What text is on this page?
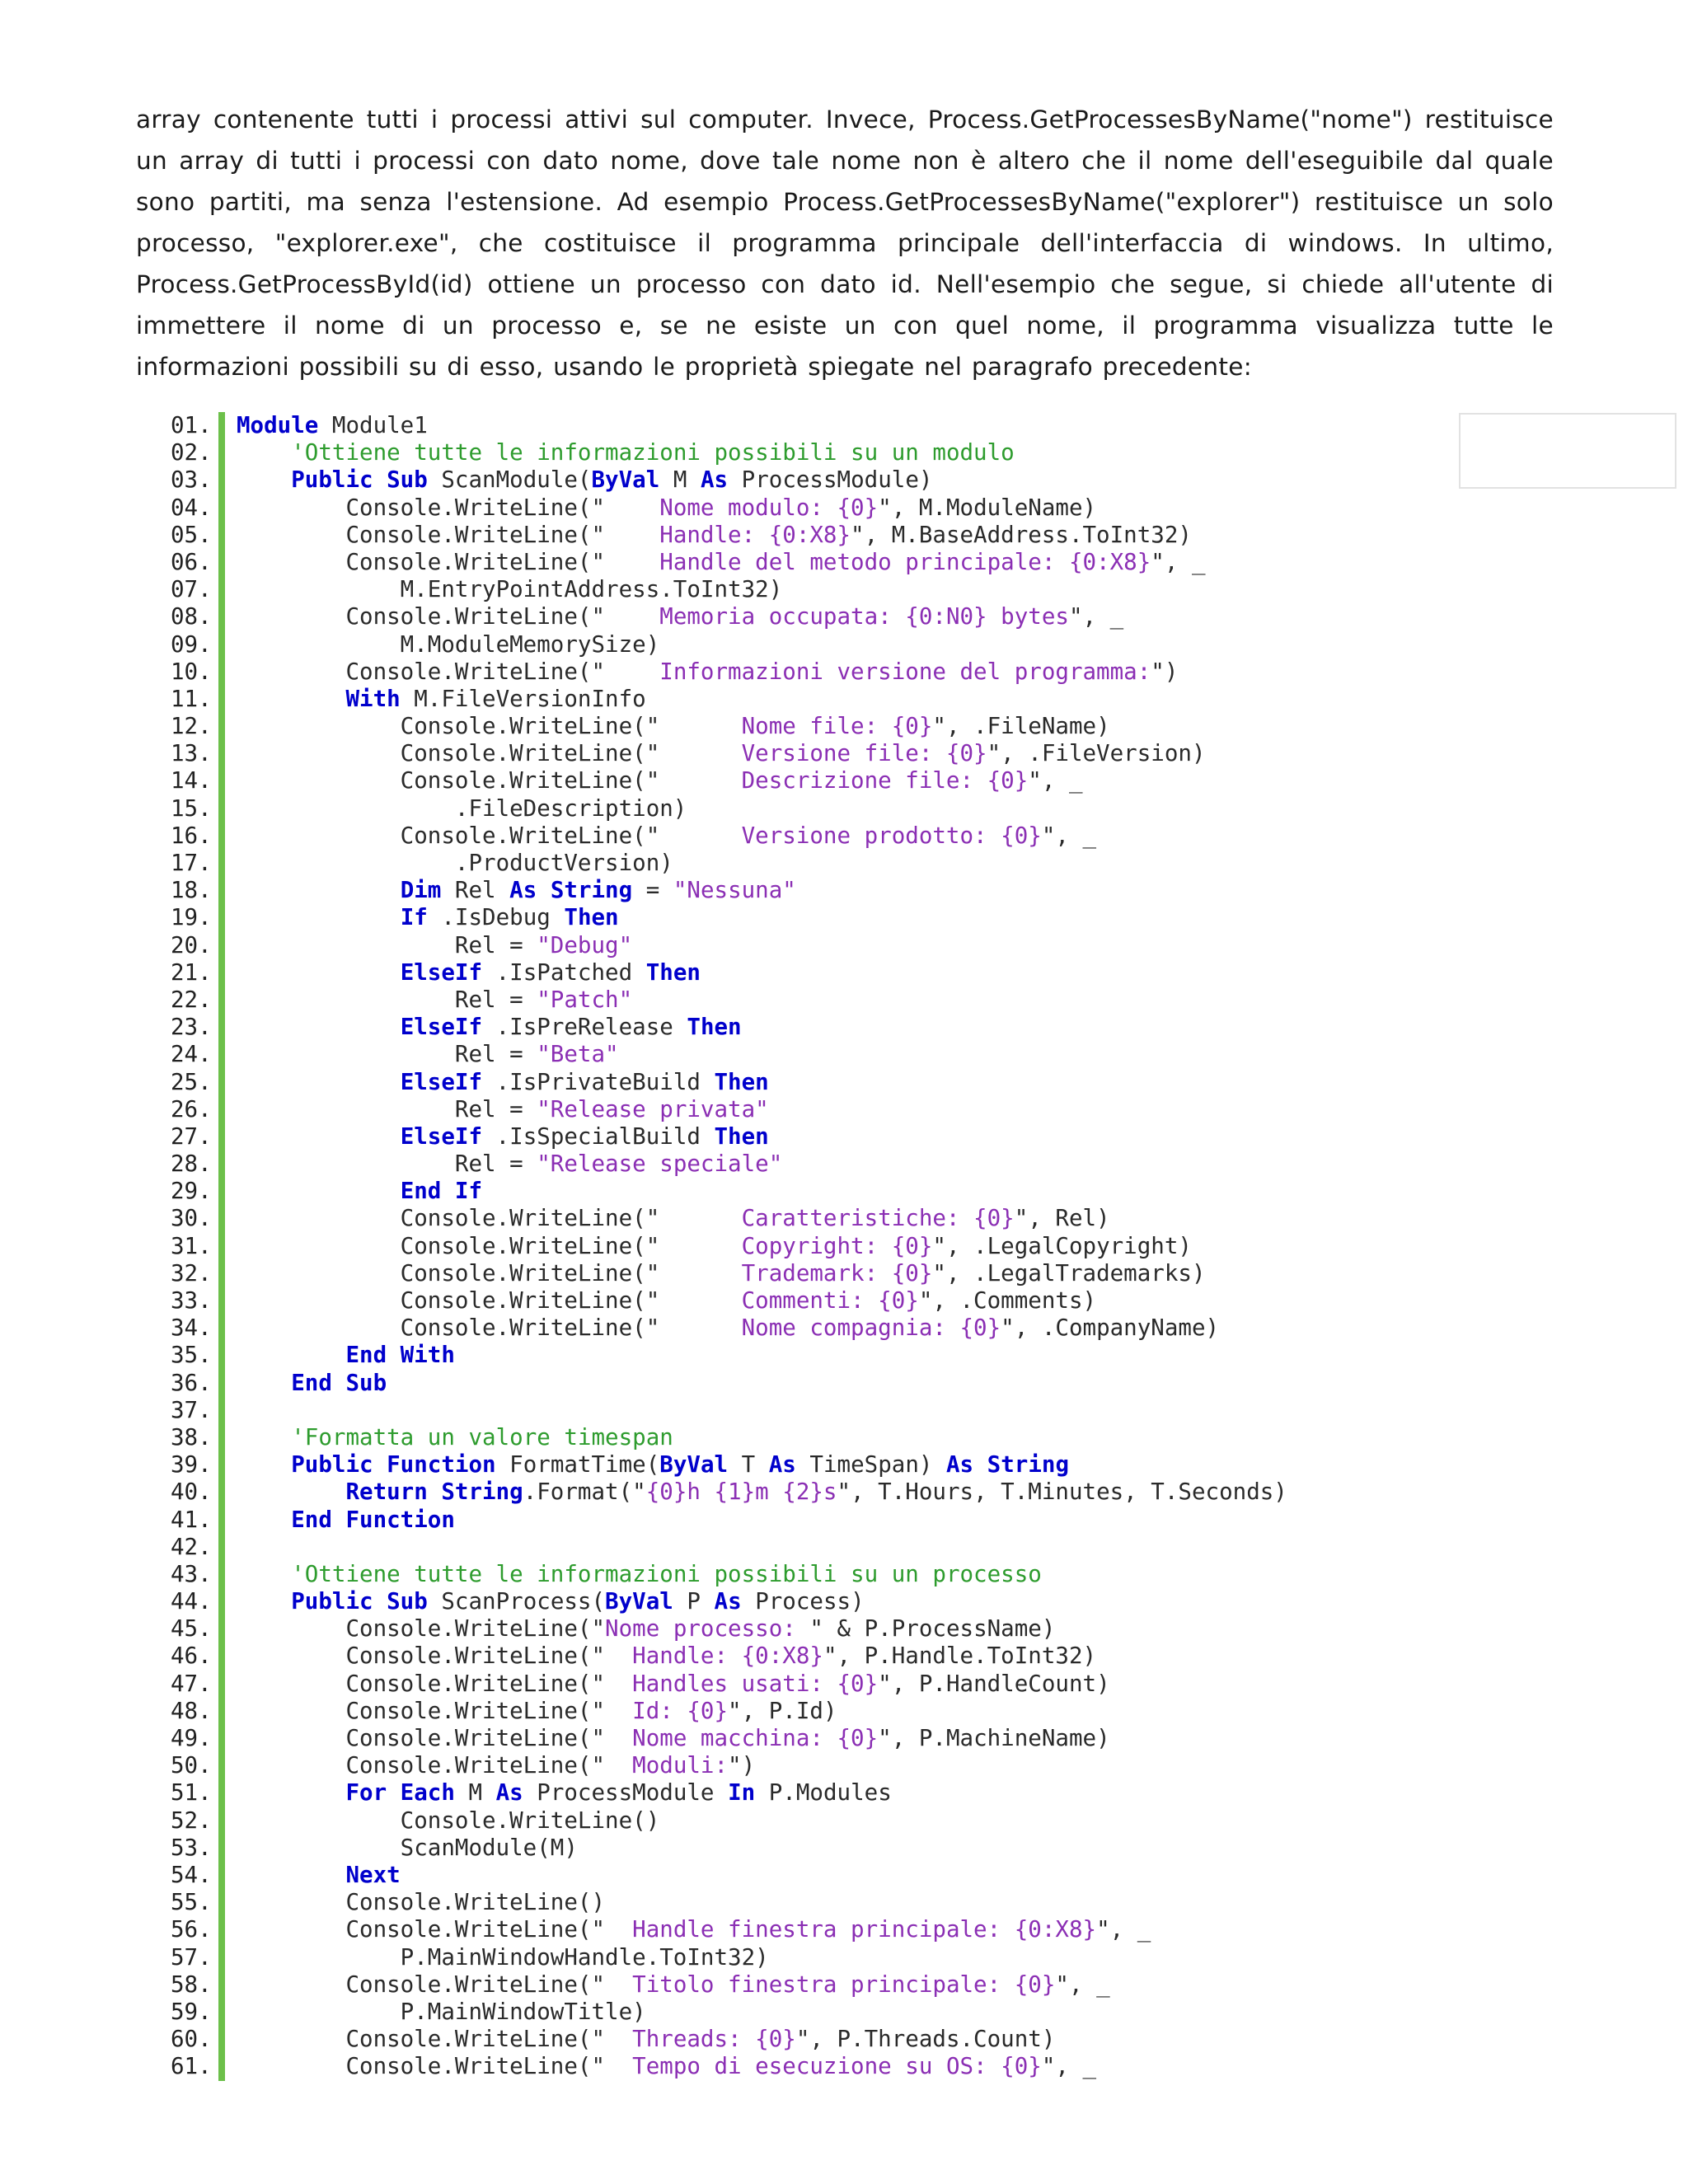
array contenente tutti i processi attivi sul computer. Invece, Process.GetProcessesByName("nome") restituisce un array di tutti i processi con dato nome, dove tale nome non è altero che il nome dell'eseguibile dal quale sono partiti, ma senza l'estensione. Ad esempio Process.GetProcessesByName("explorer") restituisce un solo processo, "explorer.exe", che costituisce il programma principale dell'interfaccia di windows. In ultimo, Process.GetProcessById(id) ottiene un processo con dato id. Nell'esempio che segue, si chiede all'utente di immettere il nome di un processo e, se ne esiste un con quel nome, il programma visualizza tutte le informazioni possibili su di esso, usando le proprietà spiegate nel paragrafo precedente:

01.	Module Module1
02.	'Ottiene tutte le informazioni possibili su un modulo
03.	Public Sub ScanModule(ByVal M As ProcessModule)
04.	Console.WriteLine("    Nome modulo: {0}", M.ModuleName)
05.	Console.WriteLine("    Handle: {0:X8}", M.BaseAddress.ToInt32)
06.	Console.WriteLine("    Handle del metodo principale: {0:X8}", _
07.	M.EntryPointAddress.ToInt32)
08.	Console.WriteLine("    Memoria occupata: {0:N0} bytes", _
09.	M.ModuleMemorySize)
10.	Console.WriteLine("    Informazioni versione del programma:")
11.	With M.FileVersionInfo
12.	Console.WriteLine("      Nome file: {0}", .FileName)
13.	Console.WriteLine("      Versione file: {0}", .FileVersion)
14.	Console.WriteLine("      Descrizione file: {0}", _
15.	.FileDescription)
16.	Console.WriteLine("      Versione prodotto: {0}", _
17.	.ProductVersion)
18.	Dim Rel As String = "Nessuna"
19.	If .IsDebug Then
20.	Rel = "Debug"
21.	ElseIf .IsPatched Then
22.	Rel = "Patch"
23.	ElseIf .IsPreRelease Then
24.	Rel = "Beta"
25.	ElseIf .IsPrivateBuild Then
26.	Rel = "Release privata"
27.	ElseIf .IsSpecialBuild Then
28.	Rel = "Release speciale"
29.	End If
30.	Console.WriteLine("      Caratteristiche: {0}", Rel)
31.	Console.WriteLine("      Copyright: {0}", .LegalCopyright)
32.	Console.WriteLine("      Trademark: {0}", .LegalTrademarks)
33.	Console.WriteLine("      Commenti: {0}", .Comments)
34.	Console.WriteLine("      Nome compagnia: {0}", .CompanyName)
35.	End With
36.	End Sub
37.
38.	'Formatta un valore timespan
39.	Public Function FormatTime(ByVal T As TimeSpan) As String
40.	Return String.Format("{0}h {1}m {2}s", T.Hours, T.Minutes, T.Seconds)
41.	End Function
42.
43.	'Ottiene tutte le informazioni possibili su un processo
44.	Public Sub ScanProcess(ByVal P As Process)
45.	Console.WriteLine("Nome processo: " & P.ProcessName)
46.	Console.WriteLine("  Handle: {0:X8}", P.Handle.ToInt32)
47.	Console.WriteLine("  Handles usati: {0}", P.HandleCount)
48.	Console.WriteLine("  Id: {0}", P.Id)
49.	Console.WriteLine("  Nome macchina: {0}", P.MachineName)
50.	Console.WriteLine("  Moduli:")
51.	For Each M As ProcessModule In P.Modules
52.	Console.WriteLine()
53.	ScanModule(M)
54.	Next
55.	Console.WriteLine()
56.	Console.WriteLine("  Handle finestra principale: {0:X8}", _
57.	P.MainWindowHandle.ToInt32)
58.	Console.WriteLine("  Titolo finestra principale: {0}", _
59.	P.MainWindowTitle)
60.	Console.WriteLine("  Threads: {0}", P.Threads.Count)
61.	Console.WriteLine("  Tempo di esecuzione su OS: {0}", _
